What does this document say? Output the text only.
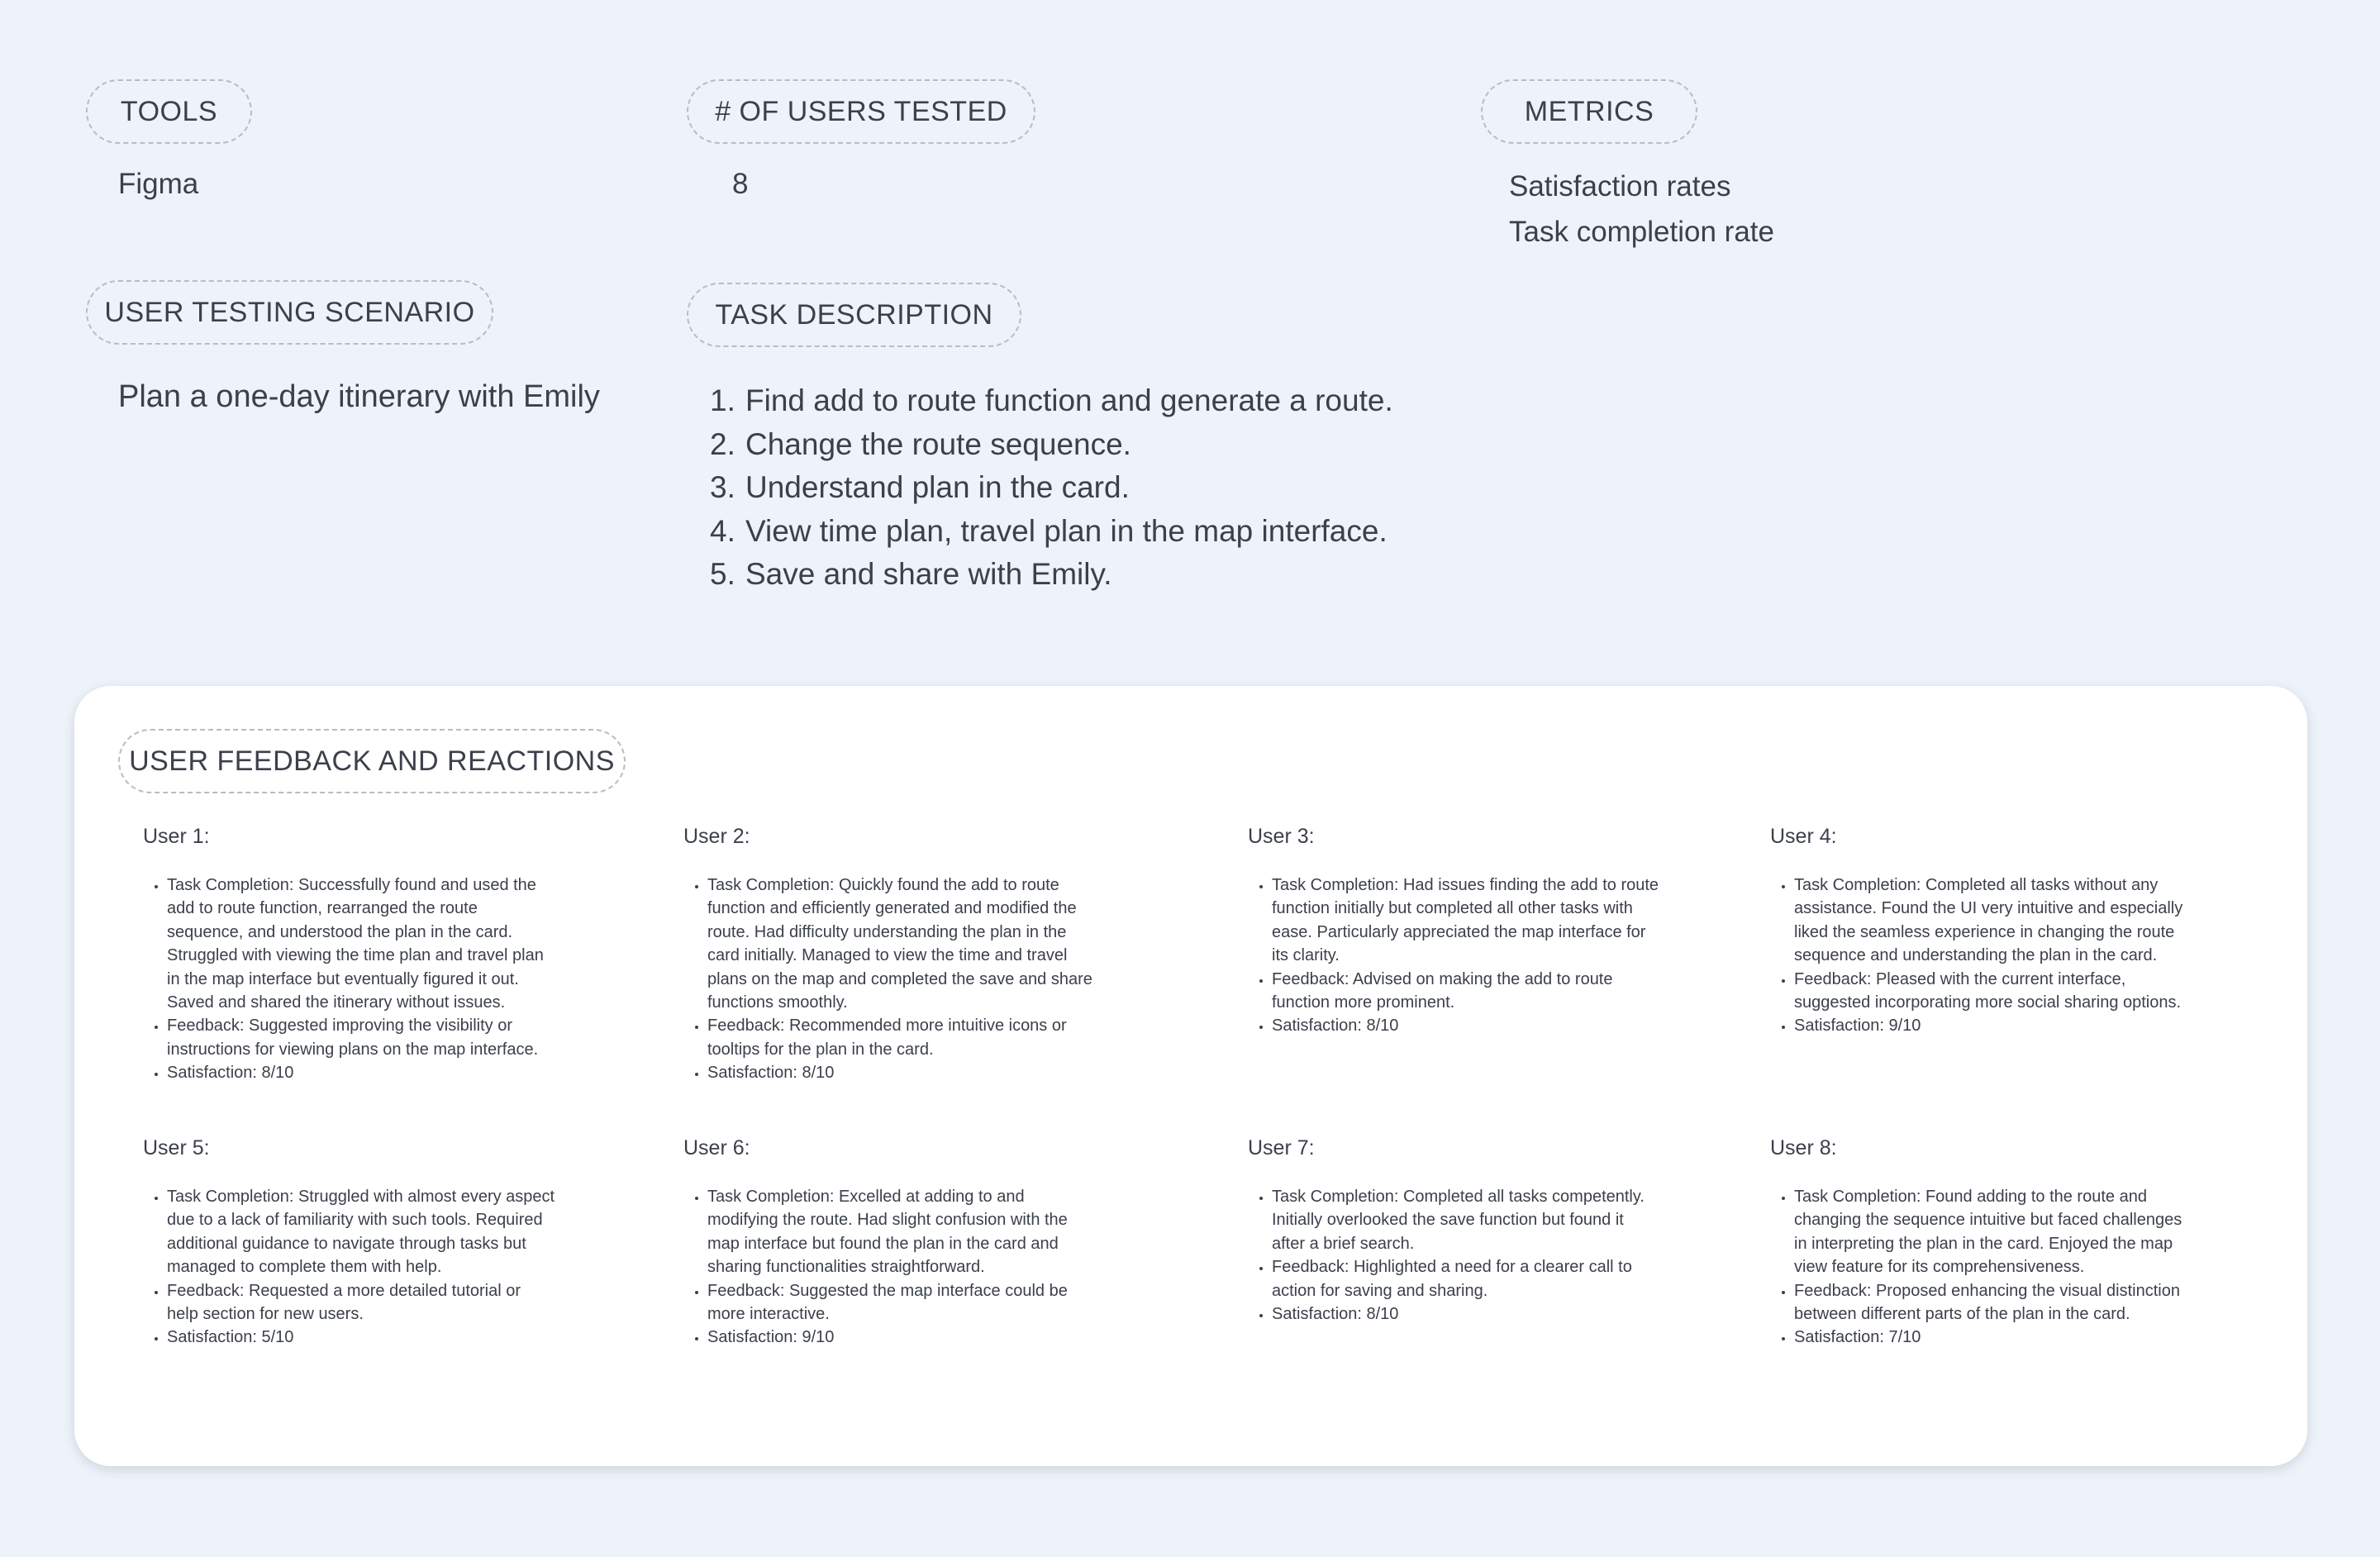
TOOLS
Figma
# OF USERS TESTED
8
METRICS
Satisfaction rates
Task completion rate
USER TESTING SCENARIO
Plan a one-day itinerary with Emily
TASK DESCRIPTION
1. Find add to route function and generate a route.
2. Change the route sequence.
3. Understand plan in the card.
4. View time plan, travel plan in the map interface.
5. Save and share with Emily.
USER FEEDBACK AND REACTIONS
User 1:
• Task Completion: Successfully found and used the add to route function, rearranged the route sequence, and understood the plan in the card. Struggled with viewing the time plan and travel plan in the map interface but eventually figured it out. Saved and shared the itinerary without issues.
• Feedback: Suggested improving the visibility or instructions for viewing plans on the map interface.
• Satisfaction: 8/10
User 2:
• Task Completion: Quickly found the add to route function and efficiently generated and modified the route. Had difficulty understanding the plan in the card initially. Managed to view the time and travel plans on the map and completed the save and share functions smoothly.
• Feedback: Recommended more intuitive icons or tooltips for the plan in the card.
• Satisfaction: 8/10
User 3:
• Task Completion: Had issues finding the add to route function initially but completed all other tasks with ease. Particularly appreciated the map interface for its clarity.
• Feedback: Advised on making the add to route function more prominent.
• Satisfaction: 8/10
User 4:
• Task Completion: Completed all tasks without any assistance. Found the UI very intuitive and especially liked the seamless experience in changing the route sequence and understanding the plan in the card.
• Feedback: Pleased with the current interface, suggested incorporating more social sharing options.
• Satisfaction: 9/10
User 5:
• Task Completion: Struggled with almost every aspect due to a lack of familiarity with such tools. Required additional guidance to navigate through tasks but managed to complete them with help.
• Feedback: Requested a more detailed tutorial or help section for new users.
• Satisfaction: 5/10
User 6:
• Task Completion: Excelled at adding to and modifying the route. Had slight confusion with the map interface but found the plan in the card and sharing functionalities straightforward.
• Feedback: Suggested the map interface could be more interactive.
• Satisfaction: 9/10
User 7:
• Task Completion: Completed all tasks competently. Initially overlooked the save function but found it after a brief search.
• Feedback: Highlighted a need for a clearer call to action for saving and sharing.
• Satisfaction: 8/10
User 8:
• Task Completion: Found adding to the route and changing the sequence intuitive but faced challenges in interpreting the plan in the card. Enjoyed the map view feature for its comprehensiveness.
• Feedback: Proposed enhancing the visual distinction between different parts of the plan in the card.
• Satisfaction: 7/10
